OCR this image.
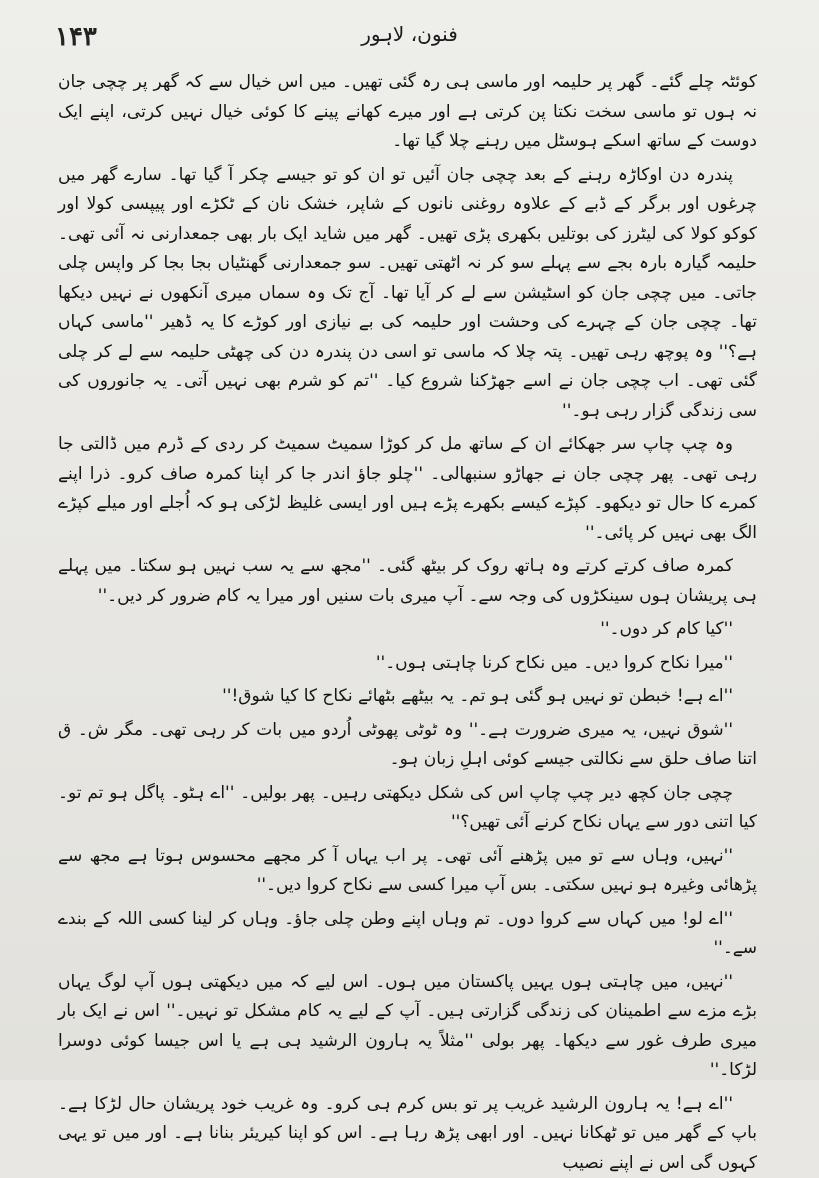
۱۴۳	فنون، لاہور

کوئٹہ چلے گئے۔ گھر پر حلیمہ اور ماسی ہی رہ گئی تھیں۔ میں اس خیال سے کہ گھر پر چچی جان نہ ہوں تو ماسی سخت نکتا پن کرتی ہے اور میرے کھانے پینے کا کوئی خیال نہیں کرتی، اپنے ایک دوست کے ساتھ اسکے ہوسٹل میں رہنے چلا گیا تھا۔

پندرہ دن اوکاڑہ رہنے کے بعد چچی جان آئیں تو ان کو تو جیسے چکر آ گیا تھا۔ سارے گھر میں چرغوں اور برگر کے ڈبے کے علاوہ روغنی نانوں کے شاپر، خشک نان کے ٹکڑے اور پیپسی کولا اور کوکو کولا کی لیٹرز کی بوتلیں بکھری پڑی تھیں۔ گھر میں شاید ایک بار بھی جمعدارنی نہ آئی تھی۔ حلیمہ گیارہ بارہ بجے سے پہلے سو کر نہ اٹھتی تھیں۔ سو جمعدارنی گھنٹیاں بجا بجا کر واپس چلی جاتی۔ میں چچی جان کو اسٹیشن سے لے کر آیا تھا۔ آج تک وہ سماں میری آنکھوں نے نہیں دیکھا تھا۔ چچی جان کے چہرے کی وحشت اور حلیمہ کی بے نیازی اور کوڑے کا یہ ڈھیر ''ماسی کہاں ہے؟'' وہ پوچھ رہی تھیں۔ پتہ چلا کہ ماسی تو اسی دن پندرہ دن کی چھٹی حلیمہ سے لے کر چلی گئی تھی۔ اب چچی جان نے اسے جھڑکنا شروع کیا۔ ''تم کو شرم بھی نہیں آتی۔ یہ جانوروں کی سی زندگی گزار رہی ہو۔''

وہ چپ چاپ سر جھکائے ان کے ساتھ مل کر کوڑا سمیٹ سمیٹ کر ردی کے ڈرم میں ڈالتی جا رہی تھی۔ پھر چچی جان نے جھاڑو سنبھالی۔ ''چلو جاؤ اندر جا کر اپنا کمرہ صاف کرو۔ ذرا اپنے کمرے کا حال تو دیکھو۔ کپڑے کیسے بکھرے پڑے ہیں اور ایسی غلیظ لڑکی ہو کہ اُجلے اور میلے کپڑے الگ بھی نہیں کر پائی۔''

کمرہ صاف کرتے کرتے وہ ہاتھ روک کر بیٹھ گئی۔ ''مجھ سے یہ سب نہیں ہو سکتا۔ میں پہلے ہی پریشان ہوں سینکڑوں کی وجہ سے۔ آپ میری بات سنیں اور میرا یہ کام ضرور کر دیں۔''

''کیا کام کر دوں۔''

''میرا نکاح کروا دیں۔ میں نکاح کرنا چاہتی ہوں۔''

''اے ہے! خبطن تو نہیں ہو گئی ہو تم۔ یہ بیٹھے بٹھائے نکاح کا کیا شوق!''

''شوق نہیں، یہ میری ضرورت ہے۔'' وہ ٹوٹی پھوٹی اُردو میں بات کر رہی تھی۔ مگر ش۔ ق اتنا صاف حلق سے نکالتی جیسے کوئی اہلِ زبان ہو۔

چچی جان کچھ دیر چپ چاپ اس کی شکل دیکھتی رہیں۔ پھر بولیں۔ ''اے ہٹو۔ پاگل ہو تم تو۔ کیا اتنی دور سے یہاں نکاح کرنے آئی تھیں؟''

''نہیں، وہاں سے تو میں پڑھنے آئی تھی۔ پر اب یہاں آ کر مجھے محسوس ہوتا ہے مجھ سے پڑھائی وغیرہ ہو نہیں سکتی۔ بس آپ میرا کسی سے نکاح کروا دیں۔''

''اے لو! میں کہاں سے کروا دوں۔ تم وہاں اپنے وطن چلی جاؤ۔ وہاں کر لینا کسی اللہ کے بندے سے۔''

''نہیں، میں چاہتی ہوں یہیں پاکستان میں ہوں۔ اس لیے کہ میں دیکھتی ہوں آپ لوگ یہاں بڑے مزے سے اطمینان کی زندگی گزارتی ہیں۔ آپ کے لیے یہ کام مشکل تو نہیں۔'' اس نے ایک بار میری طرف غور سے دیکھا۔ پھر بولی ''مثلاً یہ ہارون الرشید ہی ہے یا اس جیسا کوئی دوسرا لڑکا۔''

''اے ہے! یہ ہارون الرشید غریب پر تو بس کرم ہی کرو۔ وہ غریب خود پریشان حال لڑکا ہے۔ باپ کے گھر میں تو ٹھکانا نہیں۔ اور ابھی پڑھ رہا ہے۔ اس کو اپنا کیریئر بنانا ہے۔ اور میں تو یہی کہوں گی اس نے اپنے نصیب
